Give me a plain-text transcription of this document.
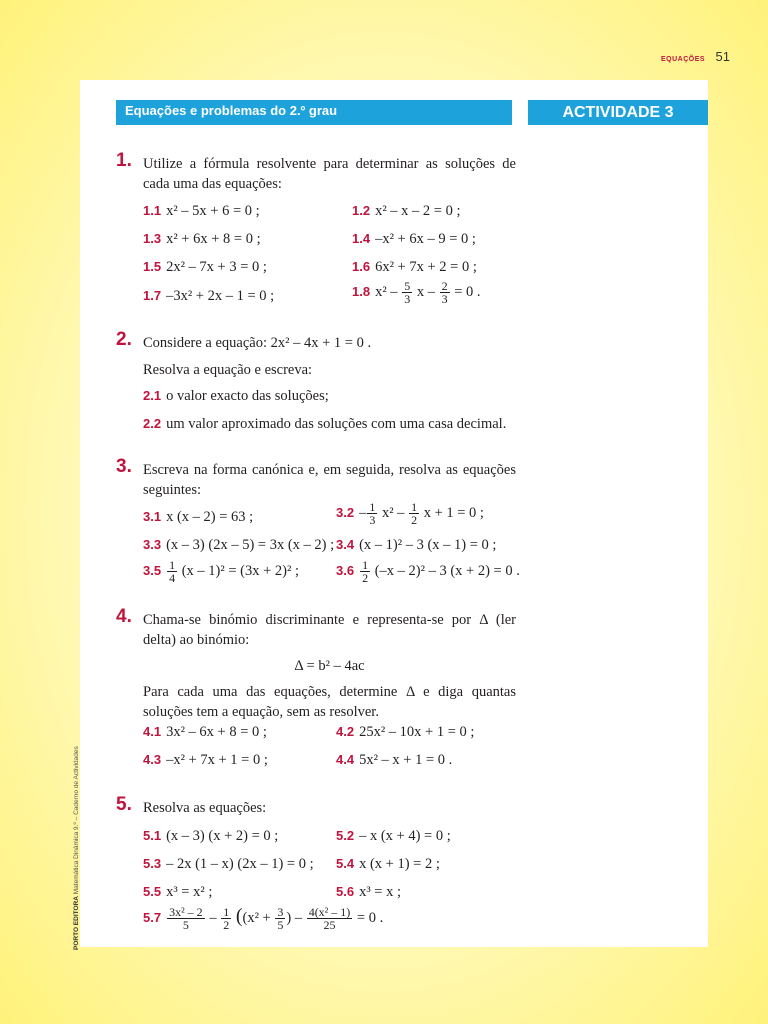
EQUAÇÕES 51
PORTO EDITORA Matemática Dinâmica 9.º – Caderno de Actividades
Equações e problemas do 2.º grau	ACTIVIDADE 3
1. Utilize a fórmula resolvente para determinar as soluções de cada uma das equações:
1.1 x² – 5x + 6 = 0 ;	1.2 x² – x – 2 = 0 ;
1.3 x² + 6x + 8 = 0 ;	1.4 –x² + 6x – 9 = 0 ;
1.5 2x² – 7x + 3 = 0 ;	1.6 6x² + 7x + 2 = 0 ;
1.7 –3x² + 2x – 1 = 0 ;	1.8 $x^2 - \frac{5}{3}$ $x - \frac{2}{3} = 0$ .
2. Considere a equação: 2x² – 4x + 1 = 0 .
Resolva a equação e escreva:
2.1 o valor exacto das soluções;
2.2 um valor aproximado das soluções com uma casa decimal.
3. Escreva na forma canónica e, em seguida, resolva as equações seguintes:
3.1 x (x – 2) = 63 ;	$3.2 - \frac{1}{3} x^2 - \frac{1}{2}$ x + 1 = 0 ;
3.3 (x – 3) (2x – 5) = 3x (x – 2) ; 3.4 (x – 1)² – 3 (x – 1) = 0 ;
$3.5 \frac{1}{4} (x - 1)^2 = (3x + 2)^2$ ;	$3.6 \frac{1}{2} (-x - 2)^2 - 3$ (x + 2) = 0 .
4. Chama-se binómio discriminante e representa-se por Δ (ler delta) ao binómio:
Δ = b² – 4ac
Para cada uma das equações, determine Δ e diga quantas soluções tem a equação, sem as resolver.
4.1 3x² – 6x + 8 = 0 ;	4.2 25x² – 10x + 1 = 0 ;
4.3 –x² + 7x + 1 = 0 ;	4.4 5x² – x + 1 = 0 .
5. Resolva as equações:
5.1 (x – 3) (x + 2) = 0 ;	5.2 – x (x + 4) = 0 ;
5.3 – 2x (1 – x) (2x – 1) = 0 ; 5.4 x (x + 1) = 2 ;
5.5 x³ = x² ;	5.6 x³ = x ;
$5.7 \frac{\text{3x² – 2}}{5} - \frac{1}{2} ((x^2 + \frac{3}{5}$ ) – $\frac{\text{4(x² – 1)}}{25} = 0$ .
